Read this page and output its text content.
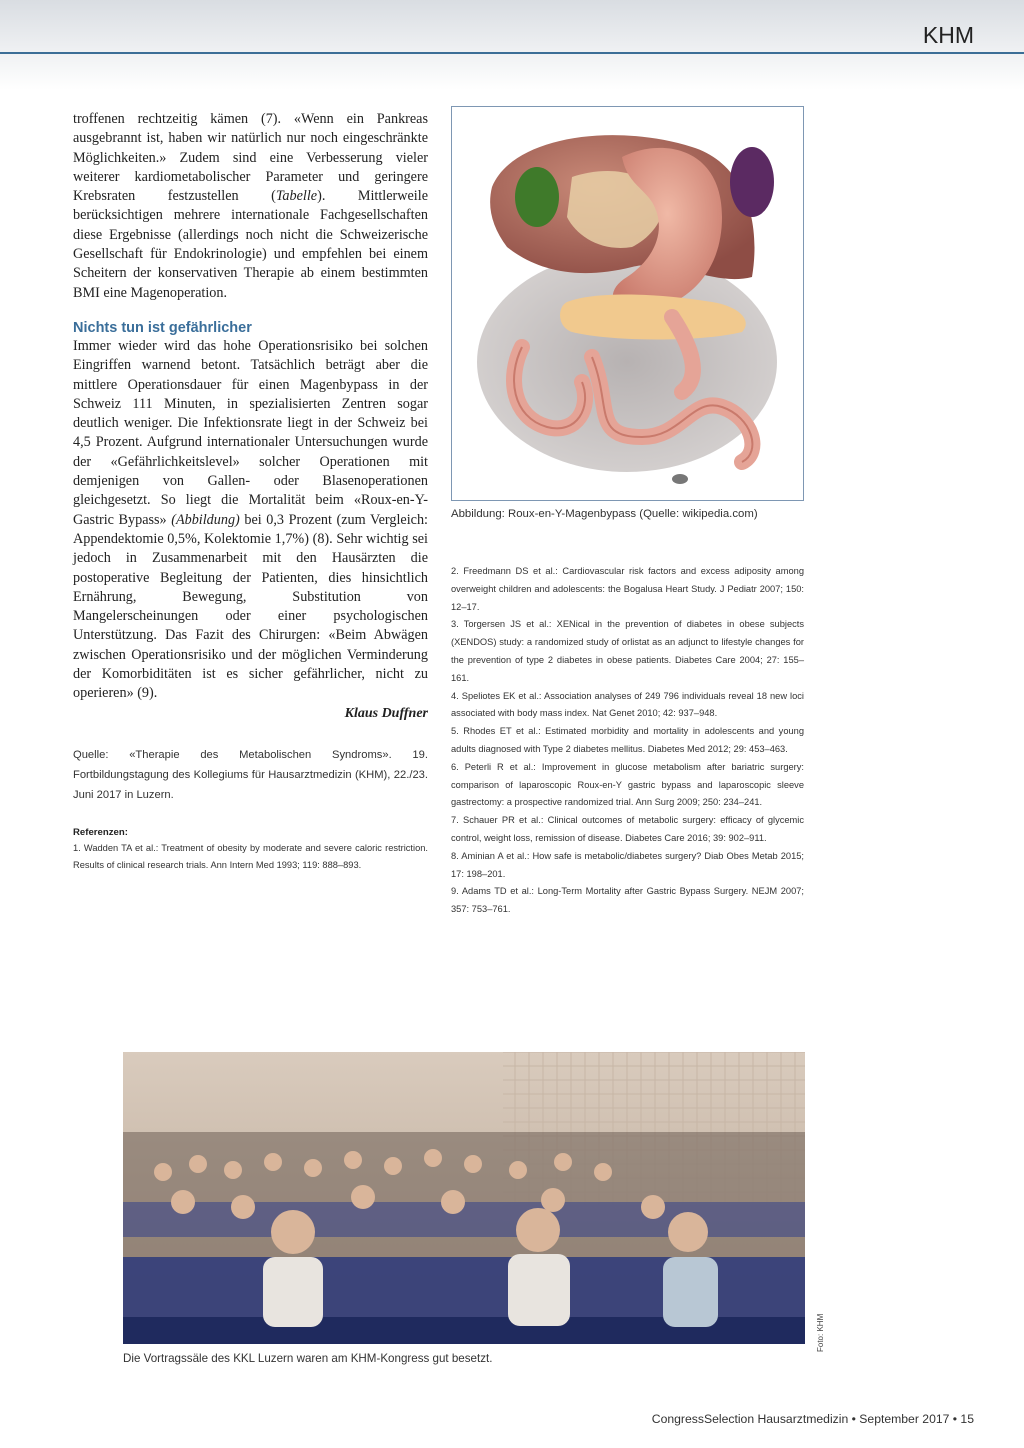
KHM

troffenen rechtzeitig kämen (7). «Wenn ein Pankreas ausgebrannt ist, haben wir natürlich nur noch eingeschränkte Möglichkeiten.» Zudem sind eine Verbesserung vieler weiterer kardiometabolischer Parameter und geringere Krebsraten festzustellen (Tabelle). Mittlerweile berücksichtigen mehrere internationale Fachgesellschaften diese Ergebnisse (allerdings noch nicht die Schweizerische Gesellschaft für Endokrinologie) und empfehlen bei einem Scheitern der konservativen Therapie ab einem bestimmten BMI eine Magenoperation.

Nichts tun ist gefährlicher

Immer wieder wird das hohe Operationsrisiko bei solchen Eingriffen warnend betont. Tatsächlich beträgt aber die mittlere Operationsdauer für einen Magenbypass in der Schweiz 111 Minuten, in spezialisierten Zentren sogar deutlich weniger. Die Infektionsrate liegt in der Schweiz bei 4,5 Prozent. Aufgrund internationaler Untersuchungen wurde der «Gefährlichkeitslevel» solcher Operationen mit demjenigen von Gallen- oder Blasenoperationen gleichgesetzt. So liegt die Mortalität beim «Roux-en-Y-Gastric Bypass» (Abbildung) bei 0,3 Prozent (zum Vergleich: Appendektomie 0,5%, Kolektomie 1,7%) (8). Sehr wichtig sei jedoch in Zusammenarbeit mit den Hausärzten die postoperative Begleitung der Patienten, dies hinsichtlich Ernährung, Bewegung, Substitution von Mangelerscheinungen oder einer psychologischen Unterstützung. Das Fazit des Chirurgen: «Beim Abwägen zwischen Operationsrisiko und der möglichen Verminderung der Komorbiditäten ist es sicher gefährlicher, nicht zu operieren» (9).

Klaus Duffner

Quelle: «Therapie des Metabolischen Syndroms». 19. Fortbildungstagung des Kollegiums für Hausarztmedizin (KHM), 22./23. Juni 2017 in Luzern.

Referenzen:

1. Wadden TA et al.: Treatment of obesity by moderate and severe caloric restriction. Results of clinical research trials. Ann Intern Med 1993; 119: 888–893.

Abbildung: Roux-en-Y-Magenbypass (Quelle: wikipedia.com)

2. Freedmann DS et al.: Cardiovascular risk factors and excess adiposity among overweight children and adolescents: the Bogalusa Heart Study. J Pediatr 2007; 150: 12–17.

3. Torgersen JS et al.: XENical in the prevention of diabetes in obese subjects (XENDOS) study: a randomized study of orlistat as an adjunct to lifestyle changes for the prevention of type 2 diabetes in obese patients. Diabetes Care 2004; 27: 155–161.

4. Speliotes EK et al.: Association analyses of 249 796 individuals reveal 18 new loci associated with body mass index. Nat Genet 2010; 42: 937–948.

5. Rhodes ET et al.: Estimated morbidity and mortality in adolescents and young adults diagnosed with Type 2 diabetes mellitus. Diabetes Med 2012; 29: 453–463.

6. Peterli R et al.: Improvement in glucose metabolism after bariatric surgery: comparison of laparoscopic Roux-en-Y gastric bypass and laparoscopic sleeve gastrectomy: a prospective randomized trial. Ann Surg 2009; 250: 234–241.

7. Schauer PR et al.: Clinical outcomes of metabolic surgery: efficacy of glycemic control, weight loss, remission of disease. Diabetes Care 2016; 39: 902–911.

8. Aminian A et al.: How safe is metabolic/diabetes surgery? Diab Obes Metab 2015; 17: 198–201.

9. Adams TD et al.: Long-Term Mortality after Gastric Bypass Surgery. NEJM 2007; 357: 753–761.

Foto: KHM
Die Vortragssäle des KKL Luzern waren am KHM-Kongress gut besetzt.
CongressSelection Hausarztmedizin • September 2017 • 15
